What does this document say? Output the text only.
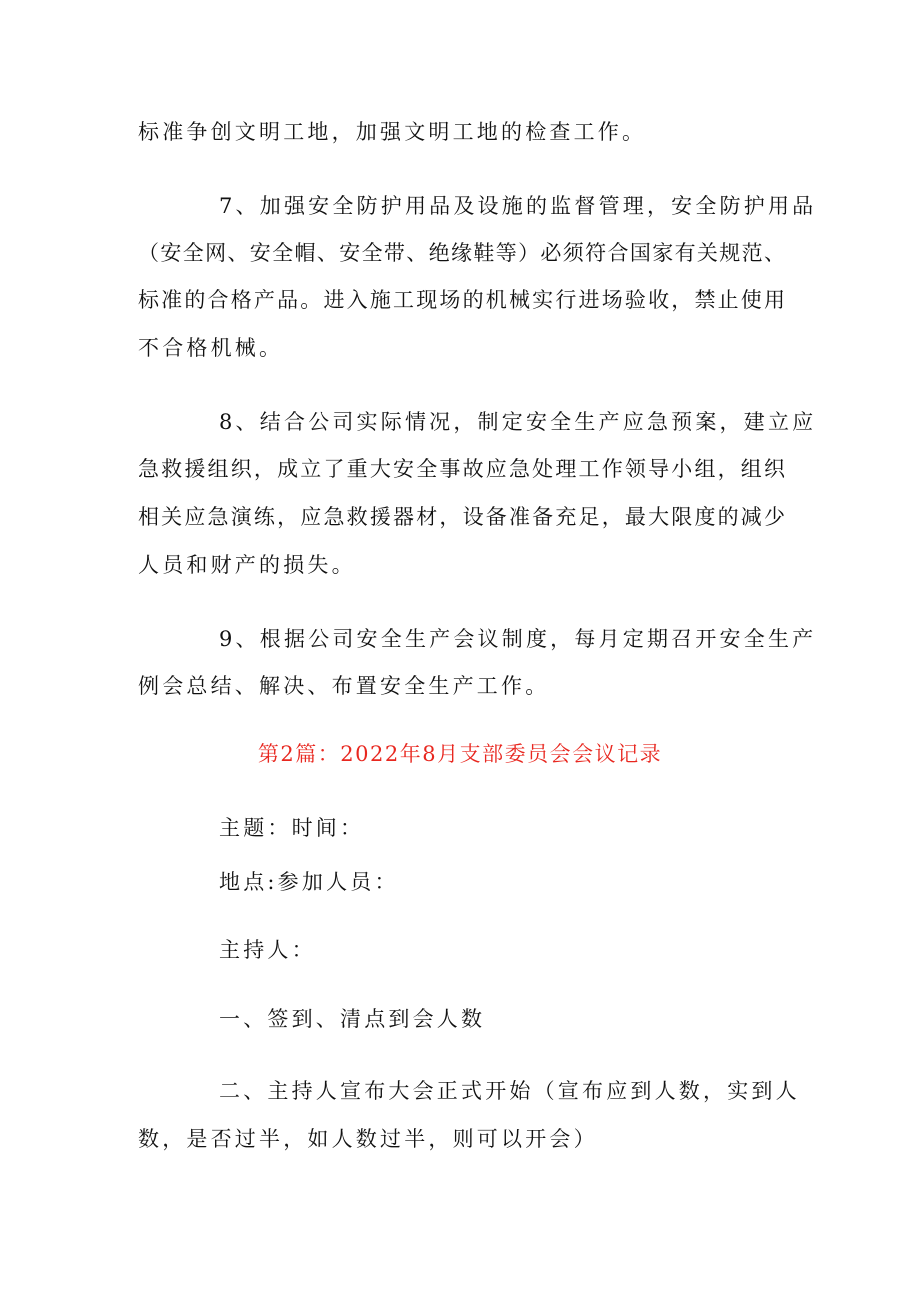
标准争创文明工地，加强文明工地的检查工作。
7、加强安全防护用品及设施的监督管理，安全防护用品
（安全网、安全帽、安全带、绝缘鞋等）必须符合国家有关规范、
标准的合格产品。进入施工现场的机械实行进场验收，禁止使用
不合格机械。
8、结合公司实际情况，制定安全生产应急预案，建立应
急救援组织，成立了重大安全事故应急处理工作领导小组，组织
相关应急演练，应急救援器材，设备准备充足，最大限度的减少
人员和财产的损失。
9、根据公司安全生产会议制度，每月定期召开安全生产
例会总结、解决、布置安全生产工作。
第2篇：2022年8月支部委员会会议记录
主题：时间：
地点:参加人员：
主持人：
一、签到、清点到会人数
二、主持人宣布大会正式开始（宣布应到人数，实到人
数，是否过半，如人数过半，则可以开会）
